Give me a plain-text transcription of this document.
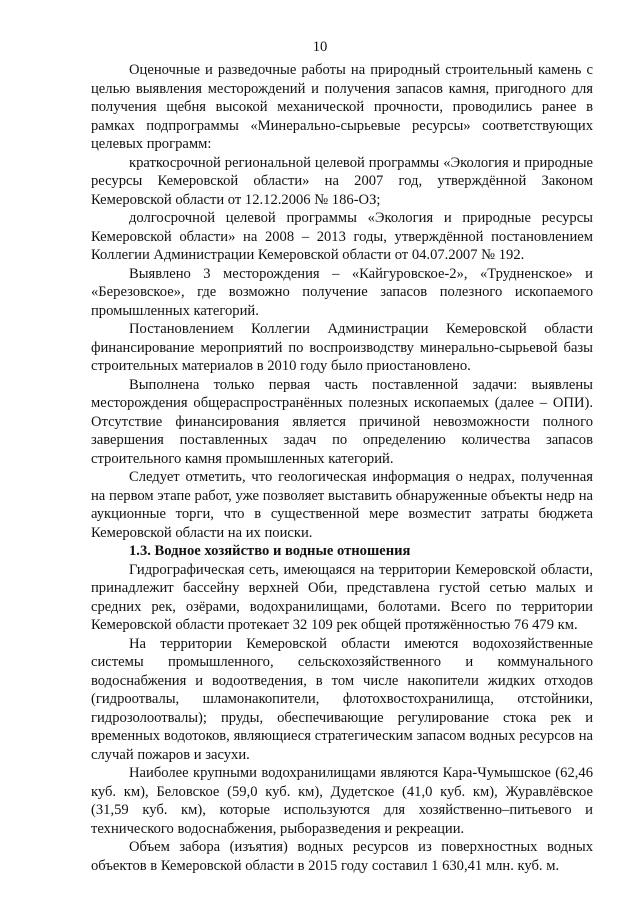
10

Оценочные и разведочные работы на природный строительный камень с целью выявления месторождений и получения запасов камня, пригодного для получения щебня высокой механической прочности, проводились ранее в рамках подпрограммы «Минерально-сырьевые ресурсы» соответствующих целевых программ:

краткосрочной региональной целевой программы «Экология и природные ресурсы Кемеровской области» на 2007 год, утверждённой Законом Кемеровской области от 12.12.2006 № 186-ОЗ;

долгосрочной целевой программы «Экология и природные ресурсы Кемеровской области» на 2008 – 2013 годы, утверждённой постановлением Коллегии Администрации Кемеровской области от 04.07.2007 № 192.

Выявлено 3 месторождения – «Кайгуровское-2», «Трудненское» и «Березовское», где возможно получение запасов полезного ископаемого промышленных категорий.

Постановлением Коллегии Администрации Кемеровской области финансирование мероприятий по воспроизводству минерально-сырьевой базы строительных материалов в 2010 году было приостановлено.

Выполнена только первая часть поставленной задачи: выявлены месторождения общераспространённых полезных ископаемых (далее – ОПИ). Отсутствие финансирования является причиной невозможности полного завершения поставленных задач по определению количества запасов строительного камня промышленных категорий.

Следует отметить, что геологическая информация о недрах, полученная на первом этапе работ, уже позволяет выставить обнаруженные объекты недр на аукционные торги, что в существенной мере возместит затраты бюджета Кемеровской области на их поиски.

1.3. Водное хозяйство и водные отношения

Гидрографическая сеть, имеющаяся на территории Кемеровской области, принадлежит бассейну верхней Оби, представлена густой сетью малых и средних рек, озёрами, водохранилищами, болотами. Всего по территории Кемеровской области протекает 32 109 рек общей протяжённостью 76 479 км.

На территории Кемеровской области имеются водохозяйственные системы промышленного, сельскохозяйственного и коммунального водоснабжения и водоотведения, в том числе накопители жидких отходов (гидроотвалы, шламонакопители, флотохвостохранилища, отстойники, гидрозолоотвалы); пруды, обеспечивающие регулирование стока рек и временных водотоков, являющиеся стратегическим запасом водных ресурсов на случай пожаров и засухи.

Наиболее крупными водохранилищами являются Кара-Чумышское (62,46 куб. км), Беловское (59,0 куб. км), Дудетское (41,0 куб. км), Журавлёвское (31,59 куб. км), которые используются для хозяйственно–питьевого и технического водоснабжения, рыборазведения и рекреации.

Объем забора (изъятия) водных ресурсов из поверхностных водных объектов в Кемеровской области в 2015 году составил 1 630,41 млн. куб. м.
